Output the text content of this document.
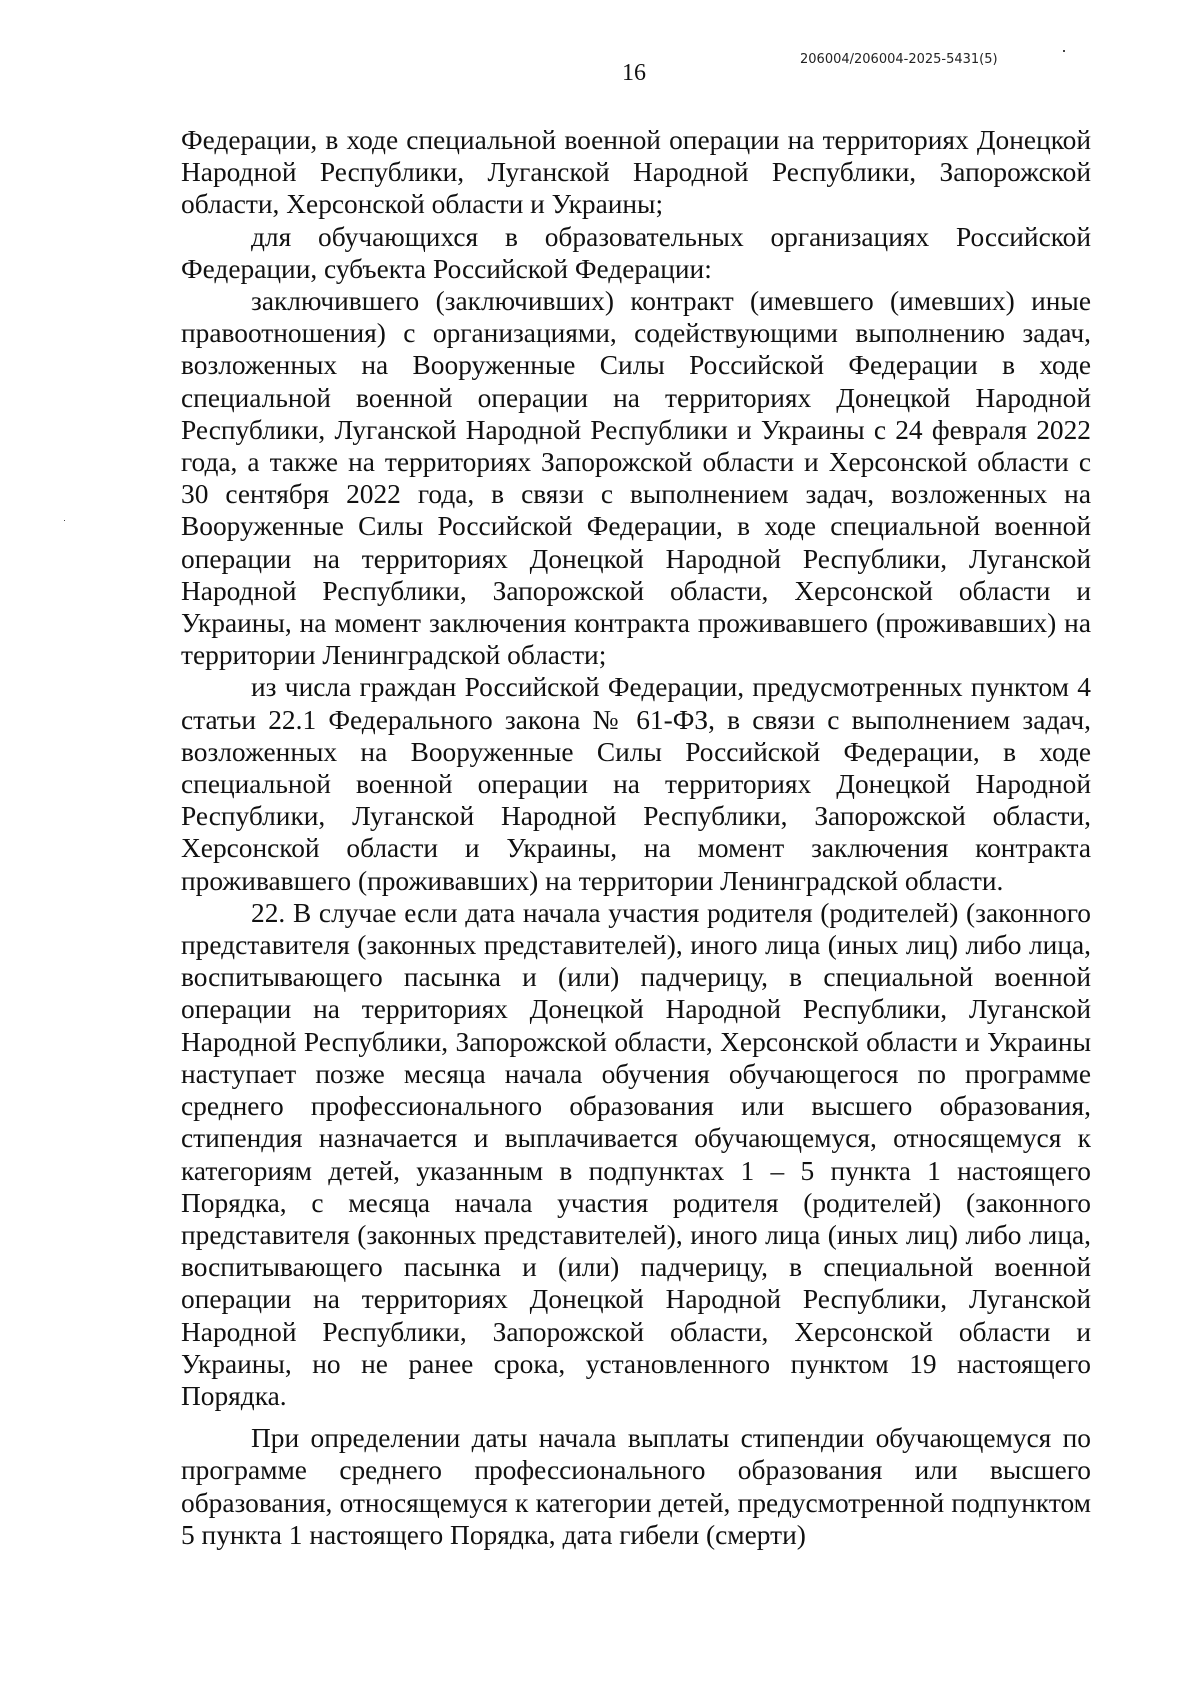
206004/206004-2025-5431(5)
16

Федерации, в ходе специальной военной операции на территориях Донецкой Народной Республики, Луганской Народной Республики, Запорожской области, Херсонской области и Украины;

для обучающихся в образовательных организациях Российской Федерации, субъекта Российской Федерации:

заключившего (заключивших) контракт (имевшего (имевших) иные правоотношения) с организациями, содействующими выполнению задач, возложенных на Вооруженные Силы Российской Федерации в ходе специальной военной операции на территориях Донецкой Народной Республики, Луганской Народной Республики и Украины с 24 февраля 2022 года, а также на территориях Запорожской области и Херсонской области с 30 сентября 2022 года, в связи с выполнением задач, возложенных на Вооруженные Силы Российской Федерации, в ходе специальной военной операции на территориях Донецкой Народной Республики, Луганской Народной Республики, Запорожской области, Херсонской области и Украины, на момент заключения контракта проживавшего (проживавших) на территории Ленинградской области;

из числа граждан Российской Федерации, предусмотренных пунктом 4 статьи 22.1 Федерального закона № 61-ФЗ, в связи с выполнением задач, возложенных на Вооруженные Силы Российской Федерации, в ходе специальной военной операции на территориях Донецкой Народной Республики, Луганской Народной Республики, Запорожской области, Херсонской области и Украины, на момент заключения контракта проживавшего (проживавших) на территории Ленинградской области.

22. В случае если дата начала участия родителя (родителей) (законного представителя (законных представителей), иного лица (иных лиц) либо лица, воспитывающего пасынка и (или) падчерицу, в специальной военной операции на территориях Донецкой Народной Республики, Луганской Народной Республики, Запорожской области, Херсонской области и Украины наступает позже месяца начала обучения обучающегося по программе среднего профессионального образования или высшего образования, стипендия назначается и выплачивается обучающемуся, относящемуся к категориям детей, указанным в подпунктах 1 – 5 пункта 1 настоящего Порядка, с месяца начала участия родителя (родителей) (законного представителя (законных представителей), иного лица (иных лиц) либо лица, воспитывающего пасынка и (или) падчерицу, в специальной военной операции на территориях Донецкой Народной Республики, Луганской Народной Республики, Запорожской области, Херсонской области и Украины, но не ранее срока, установленного пунктом 19 настоящего Порядка.

При определении даты начала выплаты стипендии обучающемуся по программе среднего профессионального образования или высшего образования, относящемуся к категории детей, предусмотренной подпунктом 5 пункта 1 настоящего Порядка, дата гибели (смерти)
